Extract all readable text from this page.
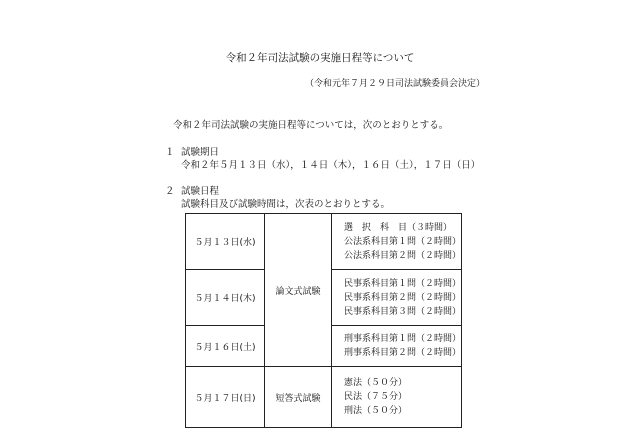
令和２年司法試験の実施日程等について
（令和元年７月２９日司法試験委員会決定）
令和２年司法試験の実施日程等については，次のとおりとする。
１ 試験期日
令和２年５月１３日（水），１４日（木），１６日（土），１７日（日）
２ 試験日程
試験科目及び試験時間は，次表のとおりとする。
５月１３日(水)	論文式試験	選　択　科　目（３時間）
公法系科目第１問（２時間）
公法系科目第２問（２時間）

５月１４日(木)		民事系科目第１問（２時間）
民事系科目第２問（２時間）
民事系科目第３問（２時間）

５月１６日(土)		刑事系科目第１問（２時間）
刑事系科目第２問（２時間）

５月１７日(日)	短答式試験	憲法（５０分）
民法（７５分）
刑法（５０分）
